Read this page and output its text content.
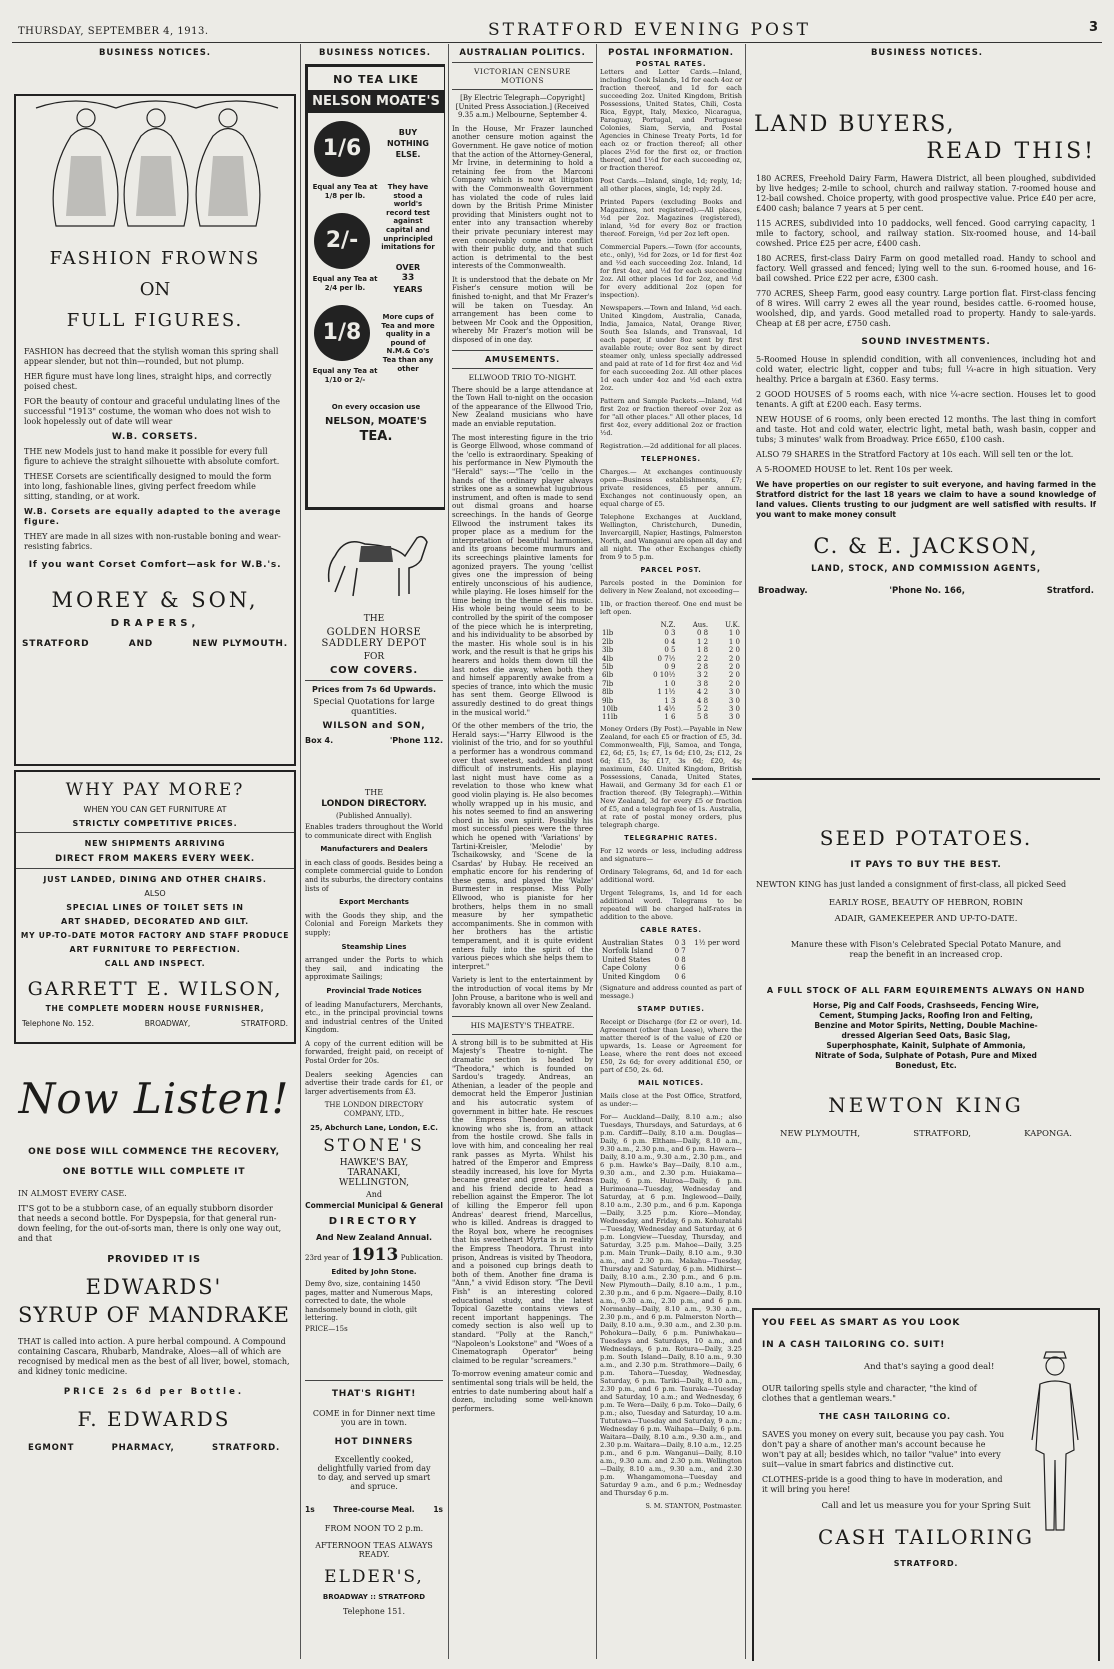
THURSDAY, SEPTEMBER 4, 1913.	STRATFORD EVENING POST	3
BUSINESS NOTICES.
FASHION FROWNS
ON
FULL FIGURES.

FASHION has decreed that the stylish woman this spring shall appear slender, but not thin—rounded, but not plump.

HER figure must have long lines, straight hips, and correctly poised chest.

FOR the beauty of contour and graceful undulating lines of the successful "1913" costume, the woman who does not wish to look hopelessly out of date will wear

W.B. CORSETS.

THE new Models just to hand make it possible for every full figure to achieve the straight silhouette with absolute comfort.

THESE Corsets are scientifically designed to mould the form into long, fashionable lines, giving perfect freedom while sitting, standing, or at work.

W.B. Corsets are equally adapted to the average figure.

THEY are made in all sizes with non-rustable boning and wear-resisting fabrics.

If you want Corset Comfort—ask for W.B.'s.

MOREY & SON,
DRAPERS,
STRATFORD	AND	NEW PLYMOUTH.
WHY PAY MORE?
WHEN YOU CAN GET FURNITURE AT
STRICTLY COMPETITIVE PRICES.
NEW SHIPMENTS ARRIVING
DIRECT FROM MAKERS EVERY WEEK.
JUST LANDED, DINING AND OTHER CHAIRS.
ALSO
SPECIAL LINES OF TOILET SETS IN
ART SHADED, DECORATED AND GILT.
MY UP-TO-DATE MOTOR FACTORY AND STAFF PRODUCE
ART FURNITURE TO PERFECTION.
CALL AND INSPECT.
GARRETT E. WILSON,
THE COMPLETE MODERN HOUSE FURNISHER,
Telephone No. 152.	BROADWAY,	STRATFORD.
Now Listen!
ONE DOSE WILL COMMENCE THE RECOVERY,
ONE BOTTLE WILL COMPLETE IT

IN ALMOST EVERY CASE.

IT'S got to be a stubborn case, of an equally stubborn disorder that needs a second bottle. For Dyspepsia, for that general run-down feeling, for the out-of-sorts man, there is only one way out, and that

PROVIDED IT IS
EDWARDS'
SYRUP OF MANDRAKE

THAT is called into action. A pure herbal compound. A Compound containing Cascara, Rhubarb, Mandrake, Aloes—all of which are recognised by medical men as the best of all liver, bowel, stomach, and kidney tonic medicine.

PRICE 2s 6d per Bottle.
F. EDWARDS
EGMONT	PHARMACY,	STRATFORD.
BUSINESS NOTICES.
NO TEA LIKE
NELSON MOATE'S
1/6
Equal any Tea at 1/8 per lb.
2/-
Equal any Tea at 2/4 per lb.
1/8
Equal any Tea at 1/10 or 2/-
BUY NOTHING ELSE.
They have stood a world's record test against capital and unprincipled imitations for
OVER
33
YEARS
More cups of Tea and more quality in a pound of N.M.& Co's Tea than any other
On every occasion use
NELSON, MOATE'S
TEA.
THE
GOLDEN HORSE SADDLERY DEPOT
FOR
COW COVERS.
Prices from 7s 6d Upwards.
Special Quotations for large quantities.
WILSON and SON,
Box 4.	'Phone 112.
THE
LONDON DIRECTORY.
(Published Annually).

Enables traders throughout the World to communicate direct with English

Manufacturers and Dealers

in each class of goods. Besides being a complete commercial guide to London and its suburbs, the directory contains lists of

Export Merchants

with the Goods they ship, and the Colonial and Foreign Markets they supply;

Steamship Lines

arranged under the Ports to which they sail, and indicating the approximate Sailings;

Provincial Trade Notices

of leading Manufacturers, Merchants, etc., in the principal provincial towns and industrial centres of the United Kingdom.

A copy of the current edition will be forwarded, freight paid, on receipt of Postal Order for 20s.

Dealers seeking Agencies can advertise their trade cards for £1, or larger advertisements from £3.

THE LONDON DIRECTORY COMPANY, LTD.,

25, Abchurch Lane, London, E.C.

STONE'S
HAWKE'S BAY,
TARANAKI,
WELLINGTON,
And
Commercial Municipal & General
DIRECTORY
And New Zealand Annual.
23rd year of 1913 Publication.
Edited by John Stone.
Demy 8vo, size, containing 1450 pages, matter and Numerous Maps, corrected to date, the whole handsomely bound in cloth, gilt lettering.
PRICE—15s
THAT'S RIGHT!
COME in for Dinner next time you are in town.
HOT DINNERS
Excellently cooked, delightfully varied from day to day, and served up smart and spruce.
1s Three-course Meal. 1s
FROM NOON TO 2 p.m.
AFTERNOON TEAS ALWAYS READY.
ELDER'S,
BROADWAY :: STRATFORD
Telephone 151.
AUSTRALIAN POLITICS.
VICTORIAN CENSURE MOTIONS

[By Electric Telegraph—Copyright] [United Press Association.] (Received 9.35 a.m.) Melbourne, September 4.

In the House, Mr Frazer launched another censure motion against the Government. He gave notice of motion that the action of the Attorney-General, Mr Irvine, in determining to hold a retaining fee from the Marconi Company which is now at litigation with the Commonwealth Government has violated the code of rules laid down by the British Prime Minister providing that Ministers ought not to enter into any transaction whereby their private pecuniary interest may even conceivably come into conflict with their public duty, and that such action is detrimental to the best interests of the Commonwealth.

It is understood that the debate on Mr Fisher's censure motion will be finished to-night, and that Mr Frazer's will be taken on Tuesday. An arrangement has been come to between Mr Cook and the Opposition, whereby Mr Frazer's motion will be disposed of in one day.

AMUSEMENTS.
ELLWOOD TRIO TO-NIGHT.

There should be a large attendance at the Town Hall to-night on the occasion of the appearance of the Ellwood Trio, New Zealand musicians who have made an enviable reputation.

The most interesting figure in the trio is George Ellwood, whose command of the 'cello is extraordinary. Speaking of his performance in New Plymouth the "Herald" says:—"The 'cello in the hands of the ordinary player always strikes one as a somewhat lugubrious instrument, and often is made to send out dismal groans and hoarse screechings. In the hands of George Ellwood the instrument takes its proper place as a medium for the interpretation of beautiful harmonies, and its groans become murmurs and its screechings plaintive laments for agonized prayers. The young 'cellist gives one the impression of being entirely unconscious of his audience, while playing. He loses himself for the time being in the theme of his music. His whole being would seem to be controlled by the spirit of the composer of the piece which he is interpreting, and his individuality to be absorbed by the master. His whole soul is in his work, and the result is that he grips his hearers and holds them down till the last notes die away, when both they and himself apparently awake from a species of trance, into which the music has sent them. George Ellwood is assuredly destined to do great things in the musical world."

Of the other members of the trio, the Herald says:—"Harry Ellwood is the violinist of the trio, and for so youthful a performer has a wondrous command over that sweetest, saddest and most difficult of instruments. His playing last night must have come as a revelation to those who knew what good violin playing is. He also becomes wholly wrapped up in his music, and his notes seemed to find an answering chord in his own spirit. Possibly his most successful pieces were the three which he opened with 'Variations' by Tartini-Kreisler, 'Melodie' by Tschaikowsky, and 'Scene de la Csardas' by Hubay. He received an emphatic encore for his rendering of these gems, and played the 'Walze' Burmester in response. Miss Polly Ellwood, who is pianiste for her brothers, helps them in no small measure by her sympathetic accompaniments. She in common with her brothers has the artistic temperament, and it is quite evident enters fully into the spirit of the various pieces which she helps them to interpret."

Variety is lent to the entertainment by the introduction of vocal items by Mr John Prouse, a baritone who is well and favorably known all over New Zealand.

HIS MAJESTY'S THEATRE.

A strong bill is to be submitted at His Majesty's Theatre to-night. The dramatic section is headed by "Theodora," which is founded on Sardou's tragedy. Andreas, an Athenian, a leader of the people and democrat held the Emperor Justinian and his autocratic system of government in bitter hate. He rescues the Empress Theodora, without knowing who she is, from an attack from the hostile crowd. She falls in love with him, and concealing her real rank passes as Myrta. Whilst his hatred of the Emperor and Empress steadily increased, his love for Myrta became greater and greater. Andreas and his friend decide to head a rebellion against the Emperor. The lot of killing the Emperor fell upon Andreas' dearest friend, Marcellus, who is killed. Andreas is dragged to the Royal box, where he recognises that his sweetheart Myrta is in reality the Empress Theodora. Thrust into prison, Andreas is visited by Theodora, and a poisoned cup brings death to both of them. Another fine drama is "Ann," a vivid Edison story. "The Devil Fish" is an interesting colored educational study, and the latest Topical Gazette contains views of recent important happenings. The comedy section is also well up to standard. "Polly at the Ranch," "Napoleon's Lookstone" and "Woes of a Cinematograph Operator" being claimed to be regular "screamers."

To-morrow evening amateur comic and sentimental song trials will be held, the entries to date numbering about half a dozen, including some well-known performers.

POSTAL INFORMATION.
POSTAL RATES.

Letters and Letter Cards.—Inland, including Cook Islands, 1d for each 4oz or fraction thereof, and 1d for each succeeding 2oz. United Kingdom, British Possessions, United States, Chili, Costa Rica, Egypt, Italy, Mexico, Nicaragua, Paraguay, Portugal, and Portuguese Colonies, Siam, Servia, and Postal Agencies in Chinese Treaty Ports, 1d for each oz or fraction thereof; all other places 2½d for the first oz, or fraction thereof, and 1½d for each succeeding oz, or fraction thereof.

Post Cards.—Inland, single, 1d; reply, 1d; all other places, single, 1d; reply 2d.

Printed Papers (excluding Books and Magazines, not registered).—All places, ½d per 2oz. Magazines (registered), inland, ½d for every 8oz or fraction thereof. Foreign, ½d per 2oz left open.

Commercial Papers.—Town (for accounts, etc., only), ½d for 2ozs, or 1d for first 4oz and ½d each succeeding 2oz. Inland, 1d for first 4oz, and ½d for each succeeding 2oz. All other places 1d for 2oz, and ½d for every additional 2oz (open for inspection).

Newspapers.—Town and Inland, ½d each. United Kingdom, Australia, Canada, India, Jamaica, Natal, Orange River, South Sea Islands, and Transvaal, 1d each paper, if under 8oz sent by first available route; over 8oz sent by direct steamer only, unless specially addressed and paid at rate of 1d for first 4oz and ½d for each succeeding 2oz. All other places 1d each under 4oz and ½d each extra 2oz.

Pattern and Sample Packets.—Inland, ½d first 2oz or fraction thereof over 2oz as for "all other places." All other places, 1d first 4oz, every additional 2oz or fraction ½d.

Registration.—2d additional for all places.

TELEPHONES.

Charges.— At exchanges continuously open—Business establishments, £7; private residences, £5 per annum. Exchanges not continuously open, an equal charge of £5.

Telephone Exchanges at Auckland, Wellington, Christchurch, Dunedin, Invercargill, Napier, Hastings, Palmerston North, and Wanganui are open all day and all night. The other Exchanges chiefly from 9 to 5 p.m.

PARCEL POST.

Parcels posted in the Dominion for delivery in New Zealand, not exceeding—

1lb, or fraction thereof. One end must be left open.

	N.Z.	Aus.	U.K.
1lb	0 3	0 8	1 0
2lb	0 4	1 2	1 0
3lb	0 5	1 8	2 0
4lb	0 7½	2 2	2 0
5lb	0 9	2 8	2 0
6lb	0 10½	3 2	2 0
7lb	1 0	3 8	2 0
8lb	1 1½	4 2	3 0
9lb	1 3	4 8	3 0
10lb	1 4½	5 2	3 0
11lb	1 6	5 8	3 0

Money Orders (By Post).—Payable in New Zealand, for each £5 or fraction of £5, 3d. Commonwealth, Fiji, Samoa, and Tonga, £2, 6d; £5, 1s; £7, 1s 6d; £10, 2s; £12, 2s 6d; £15, 3s; £17, 3s 6d; £20, 4s; maximum, £40. United Kingdom, British Possessions, Canada, United States, Hawaii, and Germany 3d for each £1 or fraction thereof. (By Telegraph).—Within New Zealand, 3d for every £5 or fraction of £5, and a telegraph fee of 1s. Australia, at rate of postal money orders, plus telegraph charge.

TELEGRAPHIC RATES.

For 12 words or less, including address and signature—

Ordinary Telegrams, 6d, and 1d for each additional word.

Urgent Telegrams, 1s, and 1d for each additional word. Telegrams to be repeated will be charged half-rates in addition to the above.

CABLE RATES.

Australian States	0 3	1½ per word
Norfolk Island	0 7	
United States	0 8	
Cape Colony	0 6	
United Kingdom	0 6	

(Signature and address counted as part of message.)

STAMP DUTIES.

Receipt or Discharge (for £2 or over), 1d. Agreement (other than Lease), where the matter thereof is of the value of £20 or upwards, 1s. Lease or Agreement for Lease, where the rent does not exceed £50, 2s 6d; for every additional £50, or part of £50, 2s. 6d.

MAIL NOTICES.

Mails close at the Post Office, Stratford, as under:—

For— Auckland—Daily, 8.10 a.m.; also Tuesdays, Thursdays, and Saturdays, at 6 p.m. Cardiff—Daily, 8.10 a.m. Douglas—Daily, 6 p.m. Eltham—Daily, 8.10 a.m., 9.30 a.m., 2.30 p.m., and 6 p.m. Hawera—Daily, 8.10 a.m., 9.30 a.m., 2.30 p.m., and 6 p.m. Hawke's Bay—Daily, 8.10 a.m., 9.30 a.m., and 2.30 p.m. Huiakama—Daily, 6 p.m. Huiroa—Daily, 6 p.m. Hurimoana—Tuesday, Wednesday and Saturday, at 6 p.m. Inglewood—Daily, 8.10 a.m., 2.30 p.m., and 6 p.m. Kaponga—Daily, 3.25 p.m. Kiore—Monday, Wednesday, and Friday, 6 p.m. Kohuratahi—Tuesday, Wednesday and Saturday, at 6 p.m. Longview—Tuesday, Thursday, and Saturday, 3.25 p.m. Mahoe—Daily, 3.25 p.m. Main Trunk—Daily, 8.10 a.m., 9.30 a.m., and 2.30 p.m. Makahu—Tuesday, Thursday and Saturday, 6 p.m. Midhirst—Daily, 8.10 a.m., 2.30 p.m., and 6 p.m. New Plymouth—Daily, 8.10 a.m., 1 p.m., 2.30 p.m., and 6 p.m. Ngaere—Daily, 8.10 a.m., 9.30 a.m., 2.30 p.m., and 6 p.m. Normanby—Daily, 8.10 a.m., 9.30 a.m., 2.30 p.m., and 6 p.m. Palmerston North—Daily, 8.10 a.m., 9.30 a.m., and 2.30 p.m. Pohokura—Daily, 6 p.m. Puniwhakau—Tuesdays and Saturdays, 10 a.m., and Wednesdays, 6 p.m. Rotura—Daily, 3.25 p.m. South Island—Daily, 8.10 a.m., 9.30 a.m., and 2.30 p.m. Strathmore—Daily, 6 p.m. Tahora—Tuesday, Wednesday, Saturday, 6 p.m. Tariki—Daily, 8.10 a.m., 2.30 p.m., and 6 p.m. Tauraka—Tuesday and Saturday, 10 a.m.; and Wednesday, 6 p.m. Te Wera—Daily, 6 p.m. Toko—Daily, 6 p.m.; also, Tuesday and Saturday, 10 a.m. Tututawa—Tuesday and Saturday, 9 a.m.; Wednesday 6 p.m. Waihapa—Daily, 6 p.m. Waitara—Daily, 8.10 a.m., 9.30 a.m., and 2.30 p.m. Waitara—Daily, 8.10 a.m., 12.25 p.m., and 6 p.m. Wanganui—Daily, 8.10 a.m., 9.30 a.m. and 2.30 p.m. Wellington—Daily, 8.10 a.m., 9.30 a.m., and 2.30 p.m. Whangamomona—Tuesday and Saturday 9 a.m., and 6 p.m.; Wednesday and Thursday 6 p.m.

S. M. STANTON, Postmaster.

BUSINESS NOTICES.
LAND BUYERS,
READ THIS!

180 ACRES, Freehold Dairy Farm, Hawera District, all been ploughed, subdivided by live hedges; 2-mile to school, church and railway station. 7-roomed house and 12-bail cowshed. Choice property, with good prospective value. Price £40 per acre, £400 cash; balance 7 years at 5 per cent.

115 ACRES, subdivided into 10 paddocks, well fenced. Good carrying capacity, 1 mile to factory, school, and railway station. Six-roomed house, and 14-bail cowshed. Price £25 per acre, £400 cash.

180 ACRES, first-class Dairy Farm on good metalled road. Handy to school and factory. Well grassed and fenced; lying well to the sun. 6-roomed house, and 16-bail cowshed. Price £22 per acre, £300 cash.

770 ACRES, Sheep Farm, good easy country. Large portion flat. First-class fencing of 8 wires. Will carry 2 ewes all the year round, besides cattle. 6-roomed house, woolshed, dip, and yards. Good metalled road to property. Handy to sale-yards. Cheap at £8 per acre, £750 cash.

SOUND INVESTMENTS.

5-Roomed House in splendid condition, with all conveniences, including hot and cold water, electric light, copper and tubs; full ¼-acre in high situation. Very healthy. Price a bargain at £360. Easy terms.

2 GOOD HOUSES of 5 rooms each, with nice ¼-acre section. Houses let to good tenants. A gift at £200 each. Easy terms.

NEW HOUSE of 6 rooms, only been erected 12 months. The last thing in comfort and taste. Hot and cold water, electric light, metal bath, wash basin, copper and tubs; 3 minutes' walk from Broadway. Price £650, £100 cash.

ALSO 79 SHARES in the Stratford Factory at 10s each. Will sell ten or the lot.

A 5-ROOMED HOUSE to let. Rent 10s per week.

We have properties on our register to suit everyone, and having farmed in the Stratford district for the last 18 years we claim to have a sound knowledge of land values. Clients trusting to our judgment are well satisfied with results. If you want to make money consult

C. & E. JACKSON,
LAND, STOCK, AND COMMISSION AGENTS,
Broadway.	'Phone No. 166,	Stratford.
SEED POTATOES.
IT PAYS TO BUY THE BEST.
NEWTON KING has just landed a consignment of first-class, all picked Seed
EARLY ROSE, BEAUTY OF HEBRON, ROBIN
ADAIR, GAMEKEEPER AND UP-TO-DATE.
Manure these with Fison's Celebrated Special Potato Manure, and reap the benefit in an increased crop.
A FULL STOCK OF ALL FARM EQUIREMENTS ALWAYS ON HAND
Horse, Pig and Calf Foods, Crashseeds, Fencing Wire, Cement, Stumping Jacks, Roofing Iron and Felting, Benzine and Motor Spirits, Netting, Double Machine-dressed Algerian Seed Oats, Basic Slag, Superphosphate, Kainit, Sulphate of Ammonia, Nitrate of Soda, Sulphate of Potash, Pure and Mixed Bonedust, Etc.
NEWTON KING
NEW PLYMOUTH,	STRATFORD,	KAPONGA.
YOU FEEL AS SMART AS YOU LOOK
IN A CASH TAILORING CO. SUIT!
And that's saying a good deal!

OUR tailoring spells style and character, "the kind of clothes that a gentleman wears."

THE CASH TAILORING CO.

SAVES you money on every suit, because you pay cash. You don't pay a share of another man's account because he won't pay at all; besides which, no tailor "value" into every suit—value in smart fabrics and distinctive cut.

CLOTHES-pride is a good thing to have in moderation, and it will bring you here!

Call and let us measure you for your Spring Suit
CASH TAILORING
STRATFORD.
